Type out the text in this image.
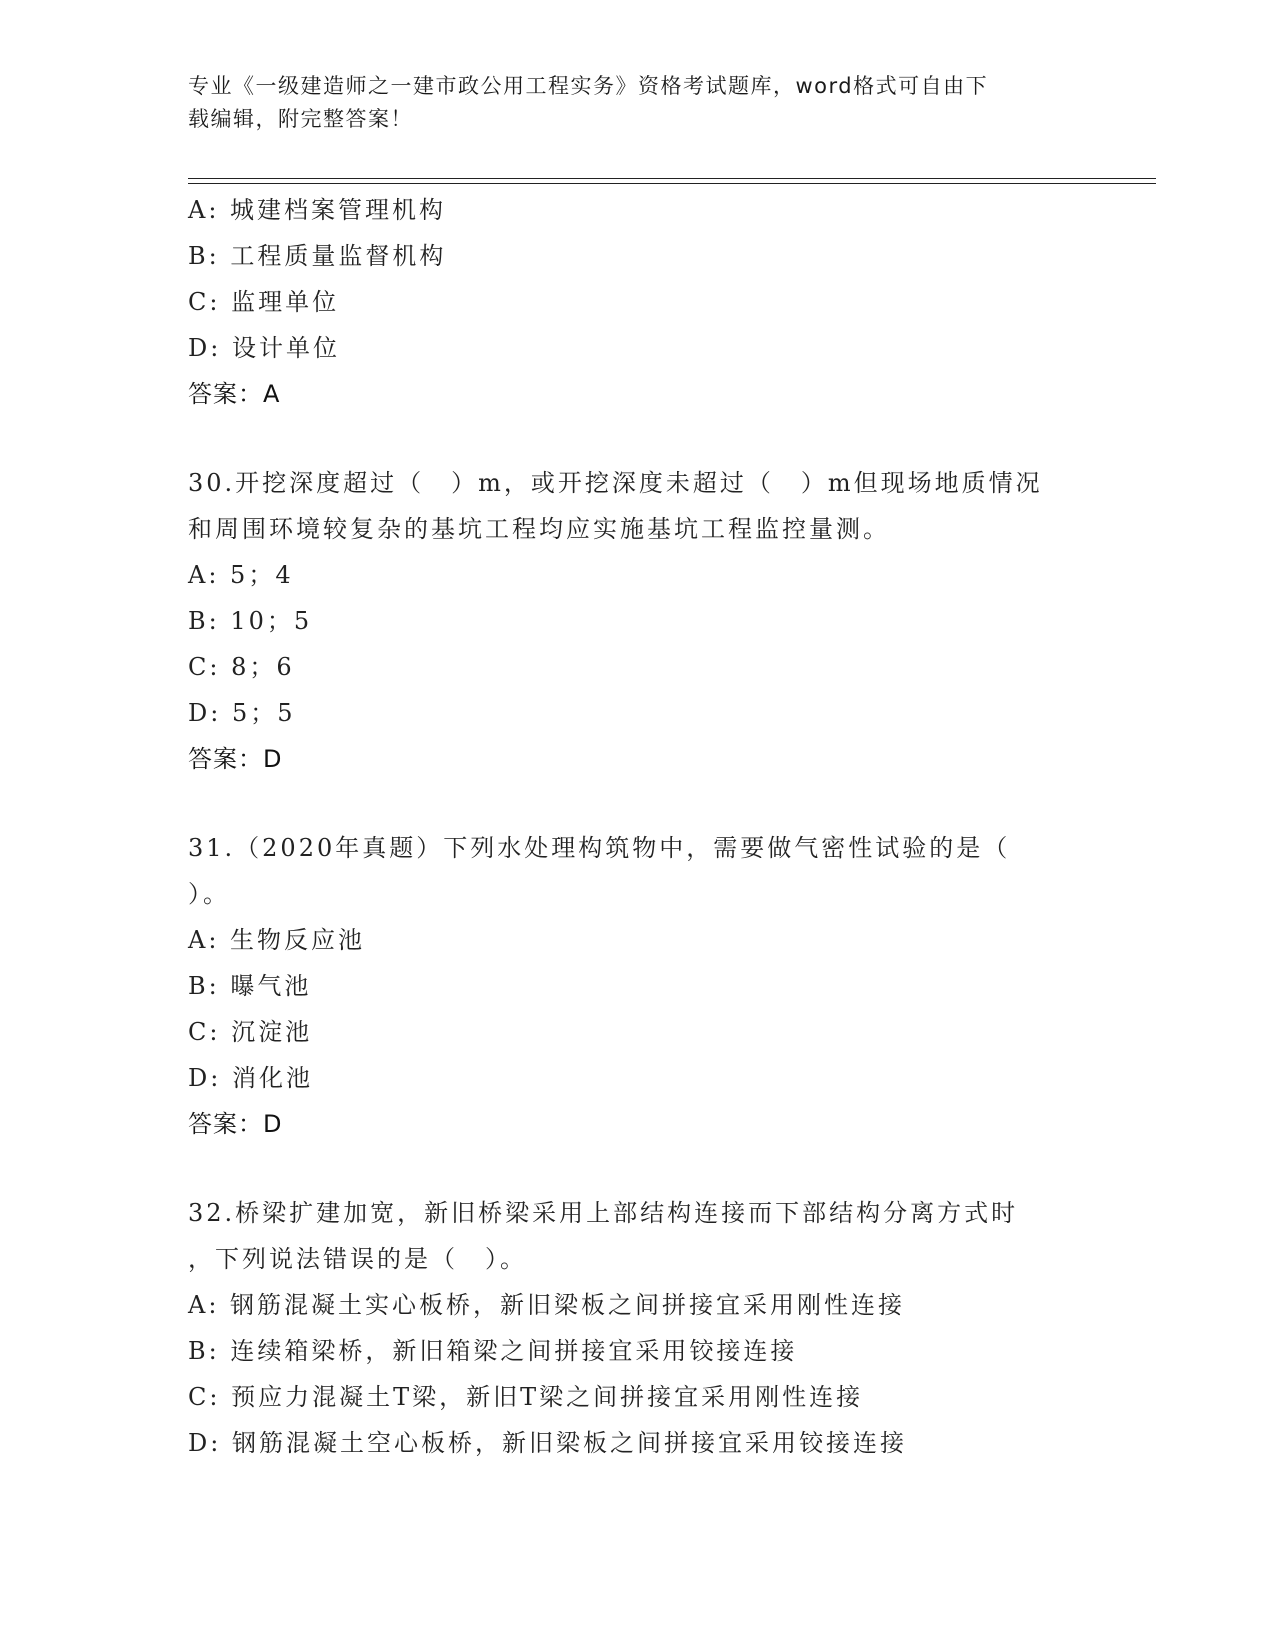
专业《一级建造师之一建市政公用工程实务》资格考试题库，word格式可自由下
载编辑，附完整答案！
A: 城建档案管理机构
B: 工程质量监督机构
C: 监理单位
D: 设计单位
答案：A
30.开挖深度超过（　）m，或开挖深度未超过（　）m但现场地质情况
和周围环境较复杂的基坑工程均应实施基坑工程监控量测。
A: 5；4
B: 10；5
C: 8；6
D: 5；5
答案：D
31.（2020年真题）下列水处理构筑物中，需要做气密性试验的是（
）。
A: 生物反应池
B: 曝气池
C: 沉淀池
D: 消化池
答案：D
32.桥梁扩建加宽，新旧桥梁采用上部结构连接而下部结构分离方式时
，下列说法错误的是（　）。
A: 钢筋混凝土实心板桥，新旧梁板之间拼接宜采用刚性连接
B: 连续箱梁桥，新旧箱梁之间拼接宜采用铰接连接
C: 预应力混凝土T梁，新旧T梁之间拼接宜采用刚性连接
D: 钢筋混凝土空心板桥，新旧梁板之间拼接宜采用铰接连接
